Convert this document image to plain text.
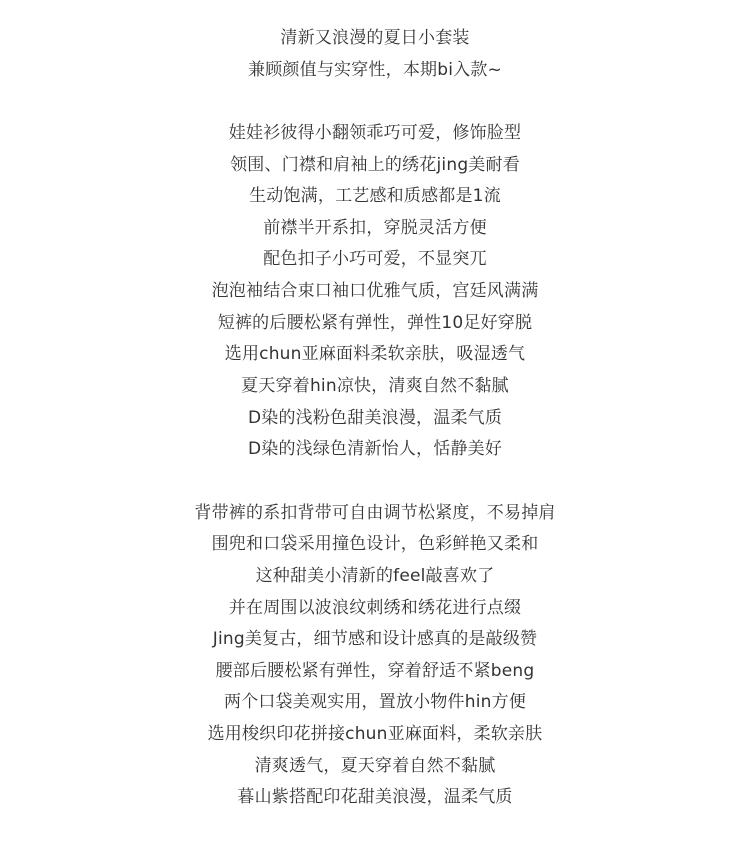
清新又浪漫的夏日小套装
兼顾颜值与实穿性，本期bi入款~
娃娃衫彼得小翻领乖巧可爱，修饰脸型
领围、门襟和肩袖上的绣花jing美耐看
生动饱满，工艺感和质感都是1流
前襟半开系扣，穿脱灵活方便
配色扣子小巧可爱，不显突兀
泡泡袖结合束口袖口优雅气质，宫廷风满满
短裤的后腰松紧有弹性，弹性10足好穿脱
选用chun亚麻面料柔软亲肤，吸湿透气
夏天穿着hin凉快，清爽自然不黏腻
D染的浅粉色甜美浪漫，温柔气质
D染的浅绿色清新怡人，恬静美好
背带裤的系扣背带可自由调节松紧度，不易掉肩
围兜和口袋采用撞色设计，色彩鲜艳又柔和
这种甜美小清新的feel敲喜欢了
并在周围以波浪纹刺绣和绣花进行点缀
Jing美复古，细节感和设计感真的是敲级赞
腰部后腰松紧有弹性，穿着舒适不紧beng
两个口袋美观实用，置放小物件hin方便
选用梭织印花拼接chun亚麻面料，柔软亲肤
清爽透气，夏天穿着自然不黏腻
暮山紫搭配印花甜美浪漫，温柔气质
